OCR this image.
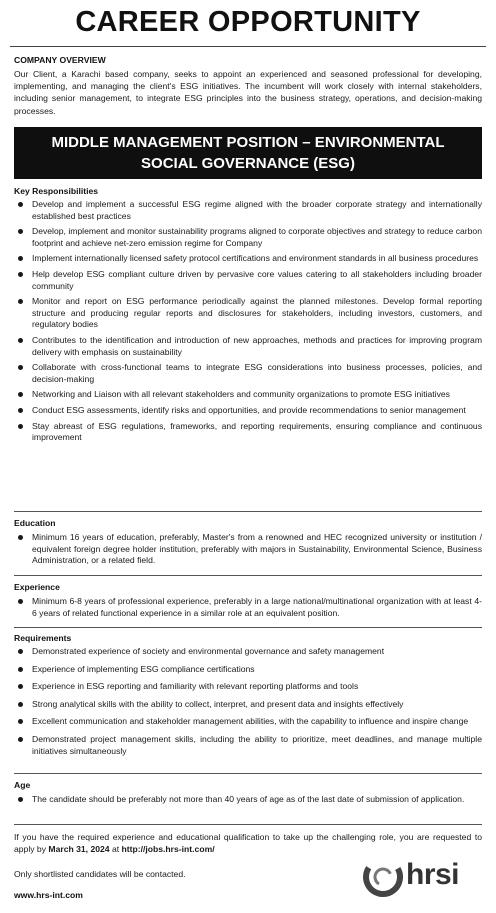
CAREER OPPORTUNITY
COMPANY OVERVIEW
Our Client, a Karachi based company, seeks to appoint an experienced and seasoned professional for developing, implementing, and managing the client's ESG initiatives. The incumbent will work closely with internal stakeholders, including senior management, to integrate ESG principles into the business strategy, operations, and decision-making processes.
MIDDLE MANAGEMENT POSITION – ENVIRONMENTAL
SOCIAL GOVERNANCE (ESG)
Key Responsibilities
Develop and implement a successful ESG regime aligned with the broader corporate strategy and internationally established best practices
Develop, implement and monitor sustainability programs aligned to corporate objectives and strategy to reduce carbon footprint and achieve net-zero emission regime for Company
Implement internationally licensed safety protocol certifications and environment standards in all business procedures
Help develop ESG compliant culture driven by pervasive core values catering to all stakeholders including broader community
Monitor and report on ESG performance periodically against the planned milestones. Develop formal reporting structure and producing regular reports and disclosures for stakeholders, including investors, customers, and regulatory bodies
Contributes to the identification and introduction of new approaches, methods and practices for improving program delivery with emphasis on sustainability
Collaborate with cross-functional teams to integrate ESG considerations into business processes, policies, and decision-making
Networking and Liaison with all relevant stakeholders and community organizations to promote ESG initiatives
Conduct ESG assessments, identify risks and opportunities, and provide recommendations to senior management
Stay abreast of ESG regulations, frameworks, and reporting requirements, ensuring compliance and continuous improvement
Education
Minimum 16 years of education, preferably, Master's from a renowned and HEC recognized university or institution / equivalent foreign degree holder institution, preferably with majors in Sustainability, Environmental Science, Business Administration, or a related field.
Experience
Minimum 6-8 years of professional experience, preferably in a large national/multinational organization with at least 4-6 years of related functional experience in a similar role at an equivalent position.
Requirements
Demonstrated experience of society and environmental governance and safety management
Experience of implementing ESG compliance certifications
Experience in ESG reporting and familiarity with relevant reporting platforms and tools
Strong analytical skills with the ability to collect, interpret, and present data and insights effectively
Excellent communication and stakeholder management abilities, with the capability to influence and inspire change
Demonstrated project management skills, including the ability to prioritize, meet deadlines, and manage multiple initiatives simultaneously
Age
The candidate should be preferably not more than 40 years of age as of the last date of submission of application.
If you have the required experience and educational qualification to take up the challenging role, you are requested to apply by March 31, 2024 at http://jobs.hrs-int.com/
Only shortlisted candidates will be contacted.
www.hrs-int.com
hrsi
